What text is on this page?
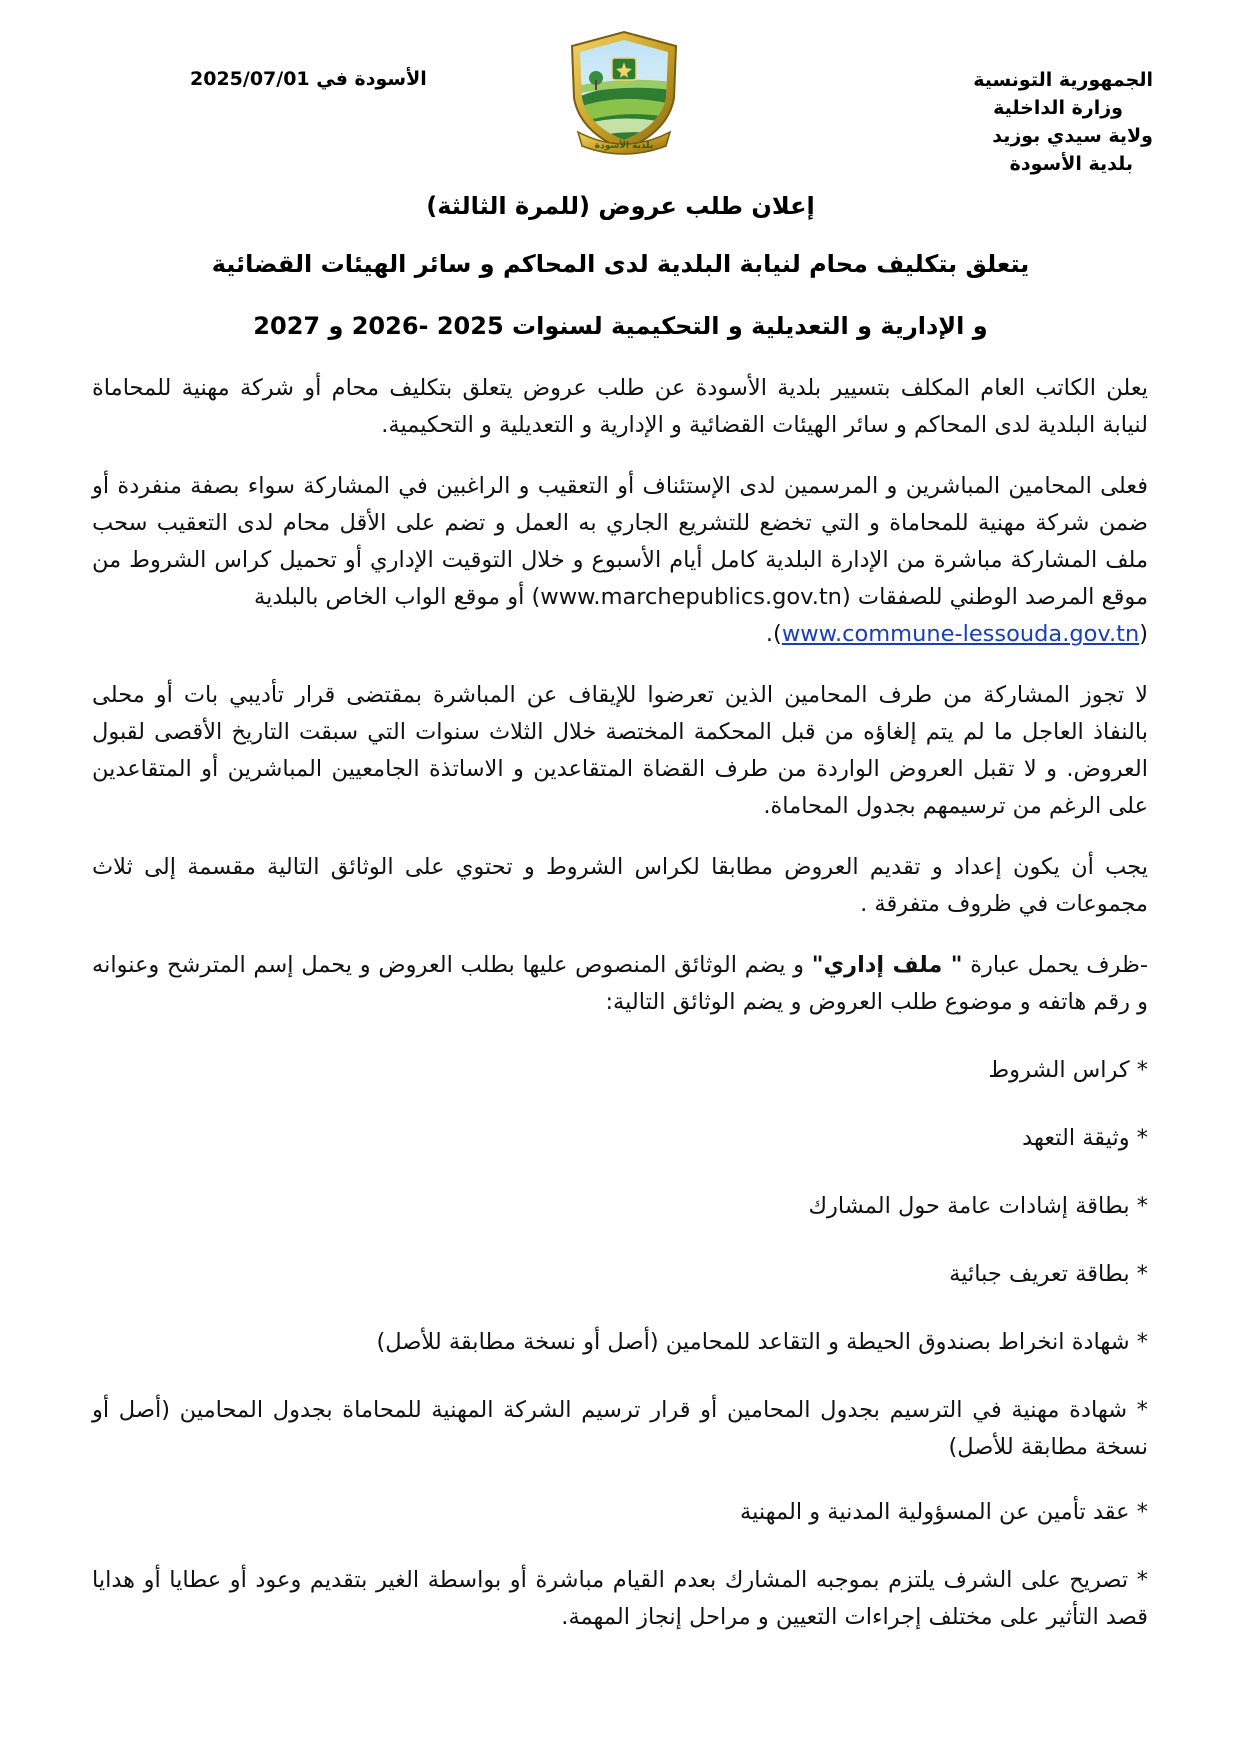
الجمهورية التونسية
وزارة الداخلية
ولاية سيدي بوزيد
بلدية الأسودة
الأسودة في 2025/07/01
بلدية الأسودة
إعلان طلب عروض (للمرة الثالثة)
يتعلق بتكليف محام لنيابة البلدية لدى المحاكم و سائر الهيئات القضائية
و الإدارية و التعديلية و التحكيمية لسنوات 2025 -2026 و 2027

يعلن الكاتب العام المكلف بتسيير بلدية الأسودة عن طلب عروض يتعلق بتكليف محام أو شركة مهنية للمحاماة لنيابة البلدية لدى المحاكم و سائر الهيئات القضائية و الإدارية و التعديلية و التحكيمية.

فعلى المحامين المباشرين و المرسمين لدى الإستئناف أو التعقيب و الراغبين في المشاركة سواء بصفة منفردة أو ضمن شركة مهنية للمحاماة و التي تخضع للتشريع الجاري به العمل و تضم على الأقل محام لدى التعقيب سحب ملف المشاركة مباشرة من الإدارة البلدية كامل أيام الأسبوع و خلال التوقيت الإداري أو تحميل كراس الشروط من موقع المرصد الوطني للصفقات (www.marchepublics.gov.tn) أو موقع الواب الخاص بالبلدية
(www.commune-lessouda.gov.tn).

لا تجوز المشاركة من طرف المحامين الذين تعرضوا للإيقاف عن المباشرة بمقتضى قرار تأديبي بات أو محلى بالنفاذ العاجل ما لم يتم إلغاؤه من قبل المحكمة المختصة خلال الثلاث سنوات التي سبقت التاريخ الأقصى لقبول العروض. و لا تقبل العروض الواردة من طرف القضاة المتقاعدين و الاساتذة الجامعيين المباشرين أو المتقاعدين على الرغم من ترسيمهم بجدول المحاماة.

يجب أن يكون إعداد و تقديم العروض مطابقا لكراس الشروط و تحتوي على الوثائق التالية مقسمة إلى ثلاث مجموعات في ظروف متفرقة .

-ظرف يحمل عبارة " ملف إداري" و يضم الوثائق المنصوص عليها بطلب العروض و يحمل إسم المترشح وعنوانه و رقم هاتفه و موضوع طلب العروض و يضم الوثائق التالية:

* كراس الشروط
* وثيقة التعهد
* بطاقة إشادات عامة حول المشارك
* بطاقة تعريف جبائية
* شهادة انخراط بصندوق الحيطة و التقاعد للمحامين (أصل أو نسخة مطابقة للأصل)
* شهادة مهنية في الترسيم بجدول المحامين أو قرار ترسيم الشركة المهنية للمحاماة بجدول المحامين (أصل أو نسخة مطابقة للأصل)
* عقد تأمين عن المسؤولية المدنية و المهنية
* تصريح على الشرف يلتزم بموجبه المشارك بعدم القيام مباشرة أو بواسطة الغير بتقديم وعود أو عطايا أو هدايا قصد التأثير على مختلف إجراءات التعيين و مراحل إنجاز المهمة.
